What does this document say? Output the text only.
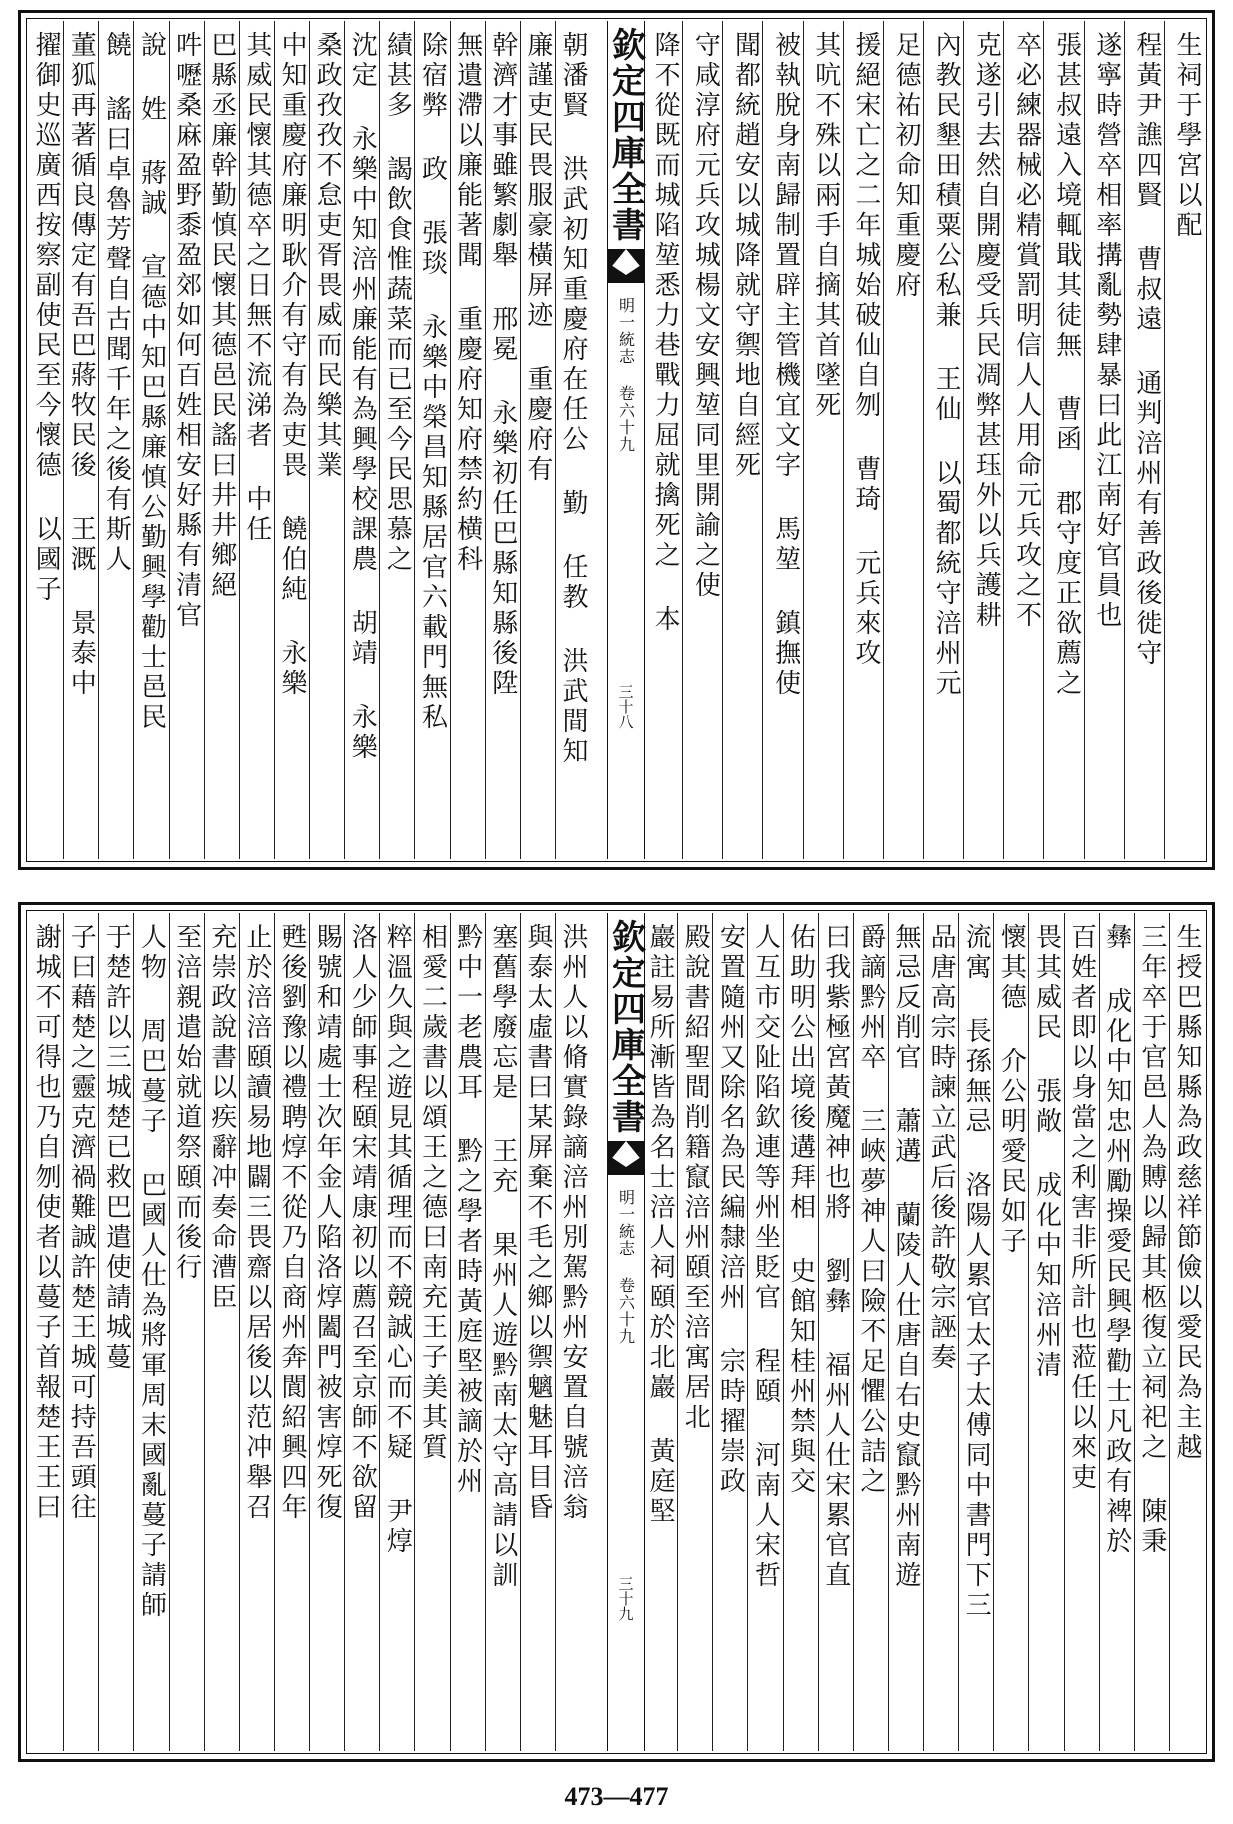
生祠于學宮以配
程黃尹譙四賢 曹叔遠 通判涪州有善政後徙守
遂寧時營卒相率搆亂勢肆暴曰此江南好官員也
張甚叔遠入境輒戢其徒無 曹函 郡守度正欲薦之
卒必練器械必精賞罰明信人人用命元兵攻之不
克遂引去然自開慶受兵民凋弊甚珏外以兵護耕
內教民墾田積粟公私兼 王仙 以蜀都統守涪州元
足德祐初命知重慶府
援絕宋亡之二年城始破仙自刎 曹琦 元兵來攻
其吭不殊以兩手自摘其首墜死
被執脫身南歸制置辟主管機宜文字 馬堃 鎮撫使
聞都統趙安以城降就守禦地自經死
守咸淳府元兵攻城楊文安興堃同里開諭之使
降不從既而城陷堃悉力巷戰力屈就擒死之 本
欽定四庫全書
明一統志 卷六十九
三十八
朝潘賢 洪武初知重慶府在任公 勤 任教 洪武間知
廉謹吏民畏服豪橫屏迹 重慶府有
幹濟才事雖繁劇舉 邢冕 永樂初任巴縣知縣後陞
無遺滯以廉能著聞 重慶府知府禁約横科
除宿弊 政 張琰 永樂中榮昌知縣居官六載門無私
績甚多 謁飲食惟蔬菜而已至今民思慕之
沈定 永樂中知涪州廉能有為興學校課農 胡靖 永樂
桑政孜孜不怠吏胥畏威而民樂其業
中知重慶府廉明耿介有守有為吏畏 饒伯純 永樂
其威民懷其德卒之日無不流涕者 中任
巴縣丞廉幹勤慎民懷其德邑民謠曰井井鄉絕
吽嚦桑麻盈野黍盈郊如何百姓相安好縣有清官
說 姓 蔣誠 宣德中知巴縣廉慎公勤興學勸士邑民
饒 謠曰卓魯芳聲自古聞千年之後有斯人
董狐再著循良傳定有吾巴蔣牧民後 王溉 景泰中
擢御史巡廣西按察副使民至今懷德 以國子
生授巴縣知縣為政慈祥節儉以愛民為主越
三年卒于官邑人為賻以歸其柩復立祠祀之 陳秉
彝 成化中知忠州勵操愛民興學勸士凡政有裨於
百姓者即以身當之利害非所計也蒞任以來吏
畏其威民 張敞 成化中知涪州清
懷其德 介公明愛民如子
流寓 長孫無忌 洛陽人累官太子太傅同中書門下三
品唐高宗時諫立武后後許敬宗誣奏
無忌反削官 蕭遘 蘭陵人仕唐自右史竄黔州南遊
爵謫黔州卒 三峽夢神人曰險不足懼公詰之
曰我紫極宮黃魔神也將 劉彝 福州人仕宋累官直
佑助明公出境後遘拜相 史館知桂州禁與交
人互市交阯陷欽連等州坐貶官 程頤 河南人宋哲
安置隨州又除名為民編隸涪州 宗時擢崇政
殿說書紹聖間削籍竄涪州頤至涪寓居北
巖註易所漸皆為名士涪人祠頤於北巖 黃庭堅
欽定四庫全書
明一統志 卷六十九
三十九
洪州人以脩實錄謫涪州別駕黔州安置自號涪翁
與泰太虛書曰某屏棄不毛之鄉以禦魑魅耳目昏
塞舊學廢忘是 王充 果州人遊黔南太守高請以訓
黔中一老農耳 黔之學者時黃庭堅被謫於州
相愛二歲書以頌王之德曰南充王子美其質
粹溫久與之遊見其循理而不競誠心而不疑 尹焞
洛人少師事程頤宋靖康初以薦召至京師不欲留
賜號和靖處士次年金人陷洛焞闔門被害焞死復
甦後劉豫以禮聘焞不從乃自商州奔閬紹興四年
止於涪涪頤讀易地闢三畏齋以居後以范冲舉召
充崇政說書以疾辭冲奏命漕臣
至涪親遣始就道祭頤而後行
人物 周巴蔓子 巴國人仕為將軍周末國亂蔓子請師
于楚許以三城楚已救巴遣使請城蔓
子曰藉楚之靈克濟禍難誠許楚王城可持吾頭往
謝城不可得也乃自刎使者以蔓子首報楚王王曰
473—477
